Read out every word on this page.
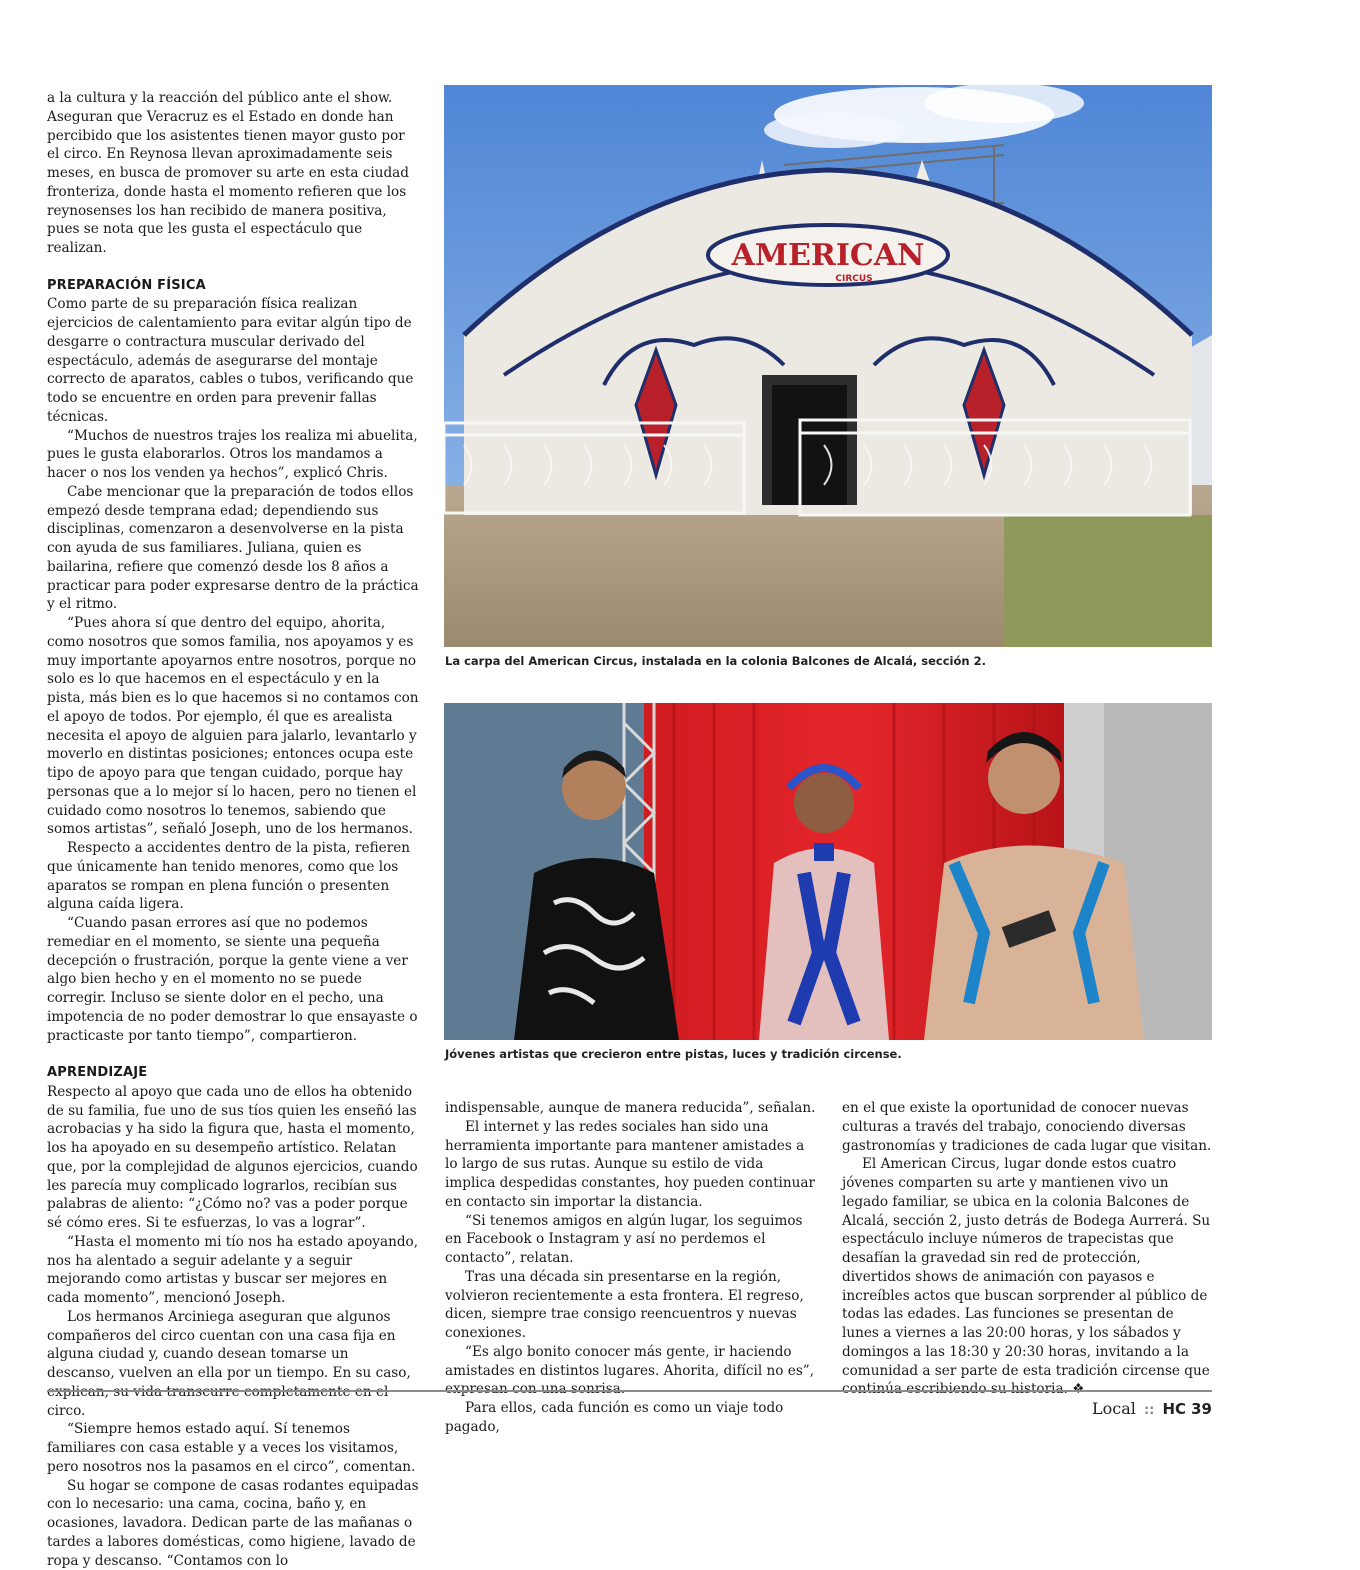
a la cultura y la reacción del público ante el show. Aseguran que Veracruz es el Estado en donde han percibido que los asistentes tienen mayor gusto por el circo. En Reynosa llevan aproximadamente seis meses, en busca de promover su arte en esta ciudad fronteriza, donde hasta el momento refieren que los reynosenses los han recibido de manera positiva, pues se nota que les gusta el espectáculo que realizan.

PREPARACIÓN FÍSICA

Como parte de su preparación física realizan ejercicios de calentamiento para evitar algún tipo de desgarre o contractura muscular derivado del espectáculo, además de asegurarse del montaje correcto de aparatos, cables o tubos, verificando que todo se encuentre en orden para prevenir fallas técnicas.

“Muchos de nuestros trajes los realiza mi abuelita, pues le gusta elaborarlos. Otros los mandamos a hacer o nos los venden ya hechos”, explicó Chris.

Cabe mencionar que la preparación de todos ellos empezó desde temprana edad; dependiendo sus disciplinas, comenzaron a desenvolverse en la pista con ayuda de sus familiares. Juliana, quien es bailarina, refiere que comenzó desde los 8 años a practicar para poder expresarse dentro de la práctica y el ritmo.

“Pues ahora sí que dentro del equipo, ahorita, como nosotros que somos familia, nos apoyamos y es muy importante apoyarnos entre nosotros, porque no solo es lo que hacemos en el espectáculo y en la pista, más bien es lo que hacemos si no contamos con el apoyo de todos. Por ejemplo, él que es arealista necesita el apoyo de alguien para jalarlo, levantarlo y moverlo en distintas posiciones; entonces ocupa este tipo de apoyo para que tengan cuidado, porque hay personas que a lo mejor sí lo hacen, pero no tienen el cuidado como nosotros lo tenemos, sabiendo que somos artistas”, señaló Joseph, uno de los hermanos.

Respecto a accidentes dentro de la pista, refieren que únicamente han tenido menores, como que los aparatos se rompan en plena función o presenten alguna caída ligera.

“Cuando pasan errores así que no podemos remediar en el momento, se siente una pequeña decepción o frustración, porque la gente viene a ver algo bien hecho y en el momento no se puede corregir. Incluso se siente dolor en el pecho, una impotencia de no poder demostrar lo que ensayaste o practicaste por tanto tiempo”, compartieron.

APRENDIZAJE

Respecto al apoyo que cada uno de ellos ha obtenido de su familia, fue uno de sus tíos quien les enseñó las acrobacias y ha sido la figura que, hasta el momento, los ha apoyado en su desempeño artístico. Relatan que, por la complejidad de algunos ejercicios, cuando les parecía muy complicado lograrlos, recibían sus palabras de aliento: “¿Cómo no? vas a poder porque sé cómo eres. Si te esfuerzas, lo vas a lograr”.

“Hasta el momento mi tío nos ha estado apoyando, nos ha alentado a seguir adelante y a seguir mejorando como artistas y buscar ser mejores en cada momento”, mencionó Joseph.

Los hermanos Arciniega aseguran que algunos compañeros del circo cuentan con una casa fija en alguna ciudad y, cuando desean tomarse un descanso, vuelven an ella por un tiempo. En su caso, circo.

“Siempre hemos estado aquí. Sí tenemos familiares con casa estable y a veces los visitamos, pero nosotros nos la pasamos en el circo”, comentan.

Su hogar se compone de casas rodantes equipadas con lo necesario: una cama, cocina, baño y, en ocasiones, lavadora. Dedican parte de las mañanas o tardes a labores domésticas, como higiene, lavado de ropa y descanso. “Contamos con lo

AMERICAN
CIRCUS
La carpa del American Circus, instalada en la colonia Balcones de Alcalá, sección 2.
Jóvenes artistas que crecieron entre pistas, luces y tradición circense.

indispensable, aunque de manera reducida”, señalan.

El internet y las redes sociales han sido una herramienta importante para mantener amistades a lo largo de sus rutas. Aunque su estilo de vida implica despedidas constantes, hoy pueden continuar en contacto sin importar la distancia.

“Si tenemos amigos en algún lugar, los seguimos en Facebook o Instagram y así no perdemos el contacto”, relatan.

Tras una década sin presentarse en la región, volvieron recientemente a esta frontera. El regreso, dicen, siempre trae consigo reencuentros y nuevas conexiones.

“Es algo bonito conocer más gente, ir haciendo amistades en distintos lugares. Ahorita, difícil no es”,

Para ellos, cada función es como un viaje todo pagado,

en el que existe la oportunidad de conocer nuevas culturas a través del trabajo, conociendo diversas gastronomías y tradiciones de cada lugar que visitan.

El American Circus, lugar donde estos cuatro jóvenes comparten su arte y mantienen vivo un legado familiar, se ubica en la colonia Balcones de Alcalá, sección 2, justo detrás de Bodega Aurrerá. Su espectáculo incluye números de trapecistas que desafían la gravedad sin red de protección, divertidos shows de animación con payasos e increíbles actos que buscan sorprender al público de todas las edades. Las funciones se presentan de lunes a viernes a las 20:00 horas, y los sábados y domingos a las 18:30 y 20:30 horas, invitando a la comunidad a ser parte de esta tradición circense que

Local :: HC 39
